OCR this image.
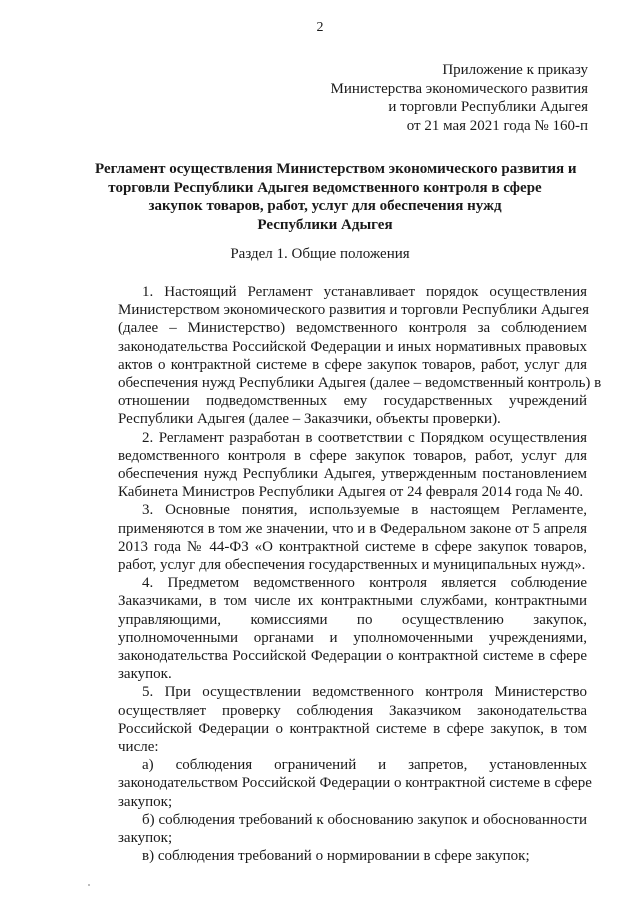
2
Приложение к приказу
Министерства экономического развития
и торговли Республики Адыгея
от 21 мая 2021 года № 160-п
Регламент осуществления Министерством экономического развития и
торговли Республики Адыгея ведомственного контроля в сфере
закупок товаров, работ, услуг для обеспечения нужд
Республики Адыгея
Раздел 1. Общие положения
1. Настоящий Регламент устанавливает порядок осуществления
Министерством экономического развития и торговли Республики Адыгея
(далее – Министерство) ведомственного контроля за соблюдением
законодательства Российской Федерации и иных нормативных правовых
актов о контрактной системе в сфере закупок товаров, работ, услуг для
обеспечения нужд Республики Адыгея (далее – ведомственный контроль) в
отношении подведомственных ему государственных учреждений
Республики Адыгея (далее – Заказчики, объекты проверки).
2. Регламент разработан в соответствии с Порядком осуществления
ведомственного контроля в сфере закупок товаров, работ, услуг для
обеспечения нужд Республики Адыгея, утвержденным постановлением
Кабинета Министров Республики Адыгея от 24 февраля 2014 года № 40.
3. Основные понятия, используемые в настоящем Регламенте,
применяются в том же значении, что и в Федеральном законе от 5 апреля
2013 года № 44-ФЗ «О контрактной системе в сфере закупок товаров,
работ, услуг для обеспечения государственных и муниципальных нужд».
4. Предметом ведомственного контроля является соблюдение
Заказчиками, в том числе их контрактными службами, контрактными
управляющими, комиссиями по осуществлению закупок,
уполномоченными органами и уполномоченными учреждениями,
законодательства Российской Федерации о контрактной системе в сфере
закупок.
5. При осуществлении ведомственного контроля Министерство
осуществляет проверку соблюдения Заказчиком законодательства
Российской Федерации о контрактной системе в сфере закупок, в том
числе:
а) соблюдения ограничений и запретов, установленных
законодательством Российской Федерации о контрактной системе в сфере
закупок;
б) соблюдения требований к обоснованию закупок и обоснованности
закупок;
в) соблюдения требований о нормировании в сфере закупок;
